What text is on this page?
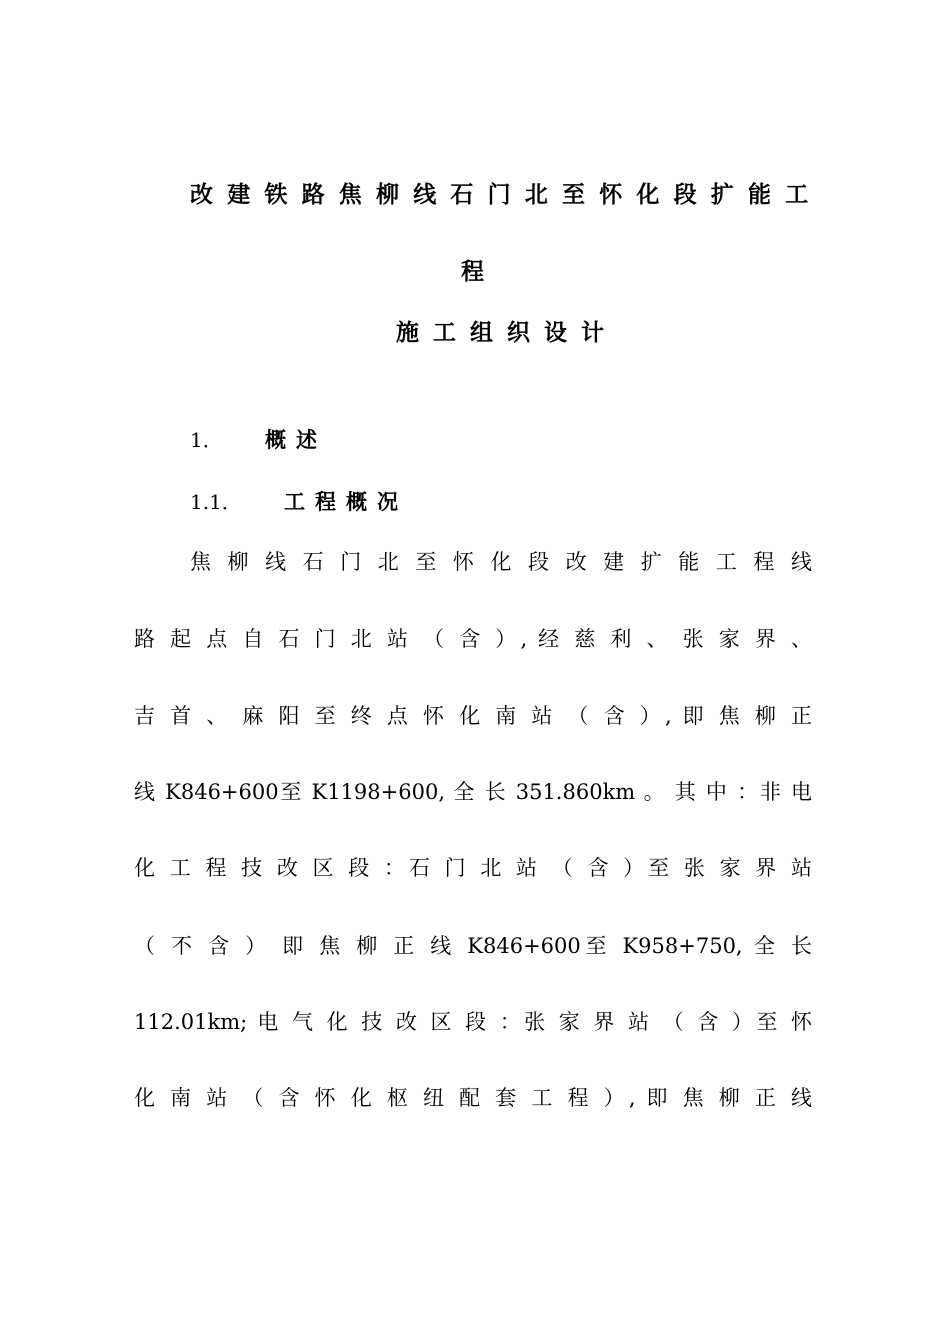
改建铁路焦柳线石门北至怀化段扩能工
程
施工组织设计
1． 概述
1.1． 工程概况
焦 柳 线 石 门 北 至 怀 化 段 改 建 扩 能 工 程 线
路 起 点 自 石 门 北 站 （ 含 ）, 经 慈 利 、 张 家 界 、
吉 首 、 麻 阳 至 终 点 怀 化 南 站 （ 含 ）, 即 焦 柳 正
线 K846+600至 K1198+600, 全 长 351.860km 。 其 中 ：非 电
化 工 程 技 改 区 段 ：石 门 北 站 （ 含 ）至 张 家 界 站
（ 不 含 ） 即 焦 柳 正 线 K846+600至 K958+750, 全 长
112.01km; 电 气 化 技 改 区 段 ：张 家 界 站 （ 含 ）至 怀
化 南 站 （ 含 怀 化 枢 纽 配 套 工 程 ）, 即 焦 柳 正 线
